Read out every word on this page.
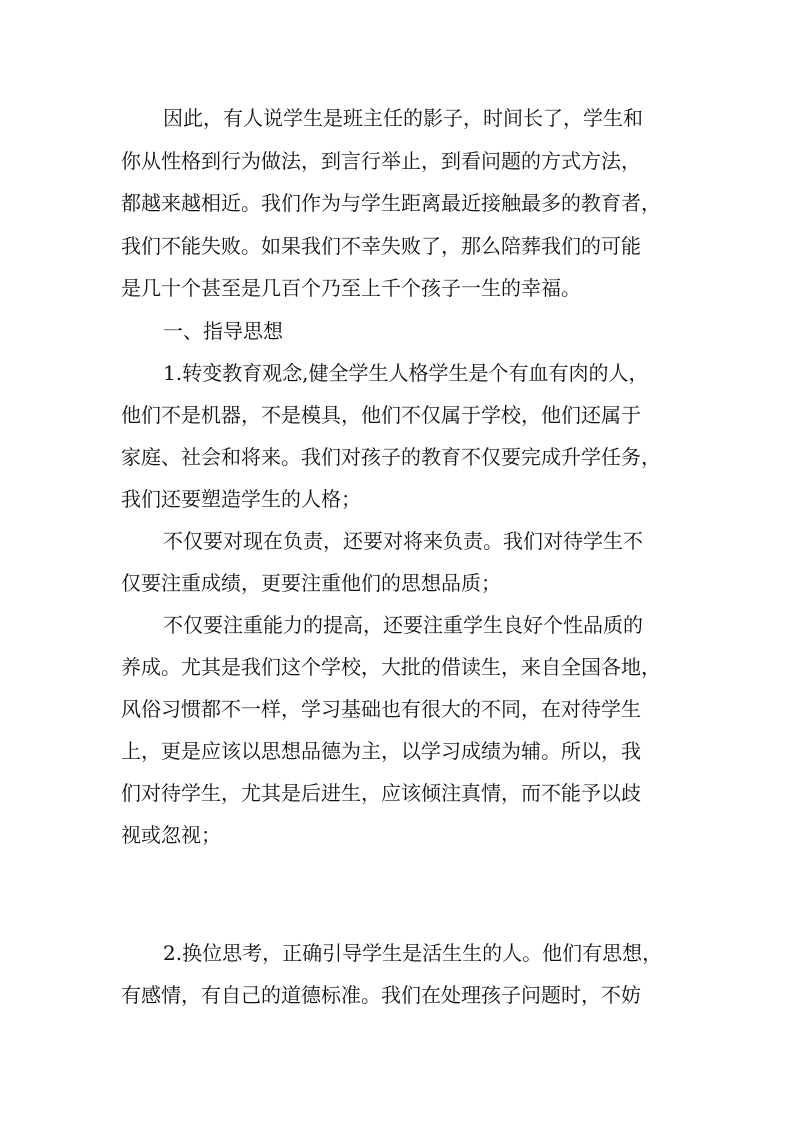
因此，有人说学生是班主任的影子，时间长了，学生和
你从性格到行为做法，到言行举止，到看问题的方式方法，
都越来越相近。我们作为与学生距离最近接触最多的教育者，
我们不能失败。如果我们不幸失败了，那么陪葬我们的可能
是几十个甚至是几百个乃至上千个孩子一生的幸福。
一、指导思想
1.转变教育观念,健全学生人格学生是个有血有肉的人，
他们不是机器，不是模具，他们不仅属于学校，他们还属于
家庭、社会和将来。我们对孩子的教育不仅要完成升学任务，
我们还要塑造学生的人格；
不仅要对现在负责，还要对将来负责。我们对待学生不
仅要注重成绩，更要注重他们的思想品质；
不仅要注重能力的提高，还要注重学生良好个性品质的
养成。尤其是我们这个学校，大批的借读生，来自全国各地，
风俗习惯都不一样，学习基础也有很大的不同，在对待学生
上，更是应该以思想品德为主，以学习成绩为辅。所以，我
们对待学生，尤其是后进生，应该倾注真情，而不能予以歧
视或忽视；
2.换位思考，正确引导学生是活生生的人。他们有思想，
有感情，有自己的道德标准。我们在处理孩子问题时，不妨
